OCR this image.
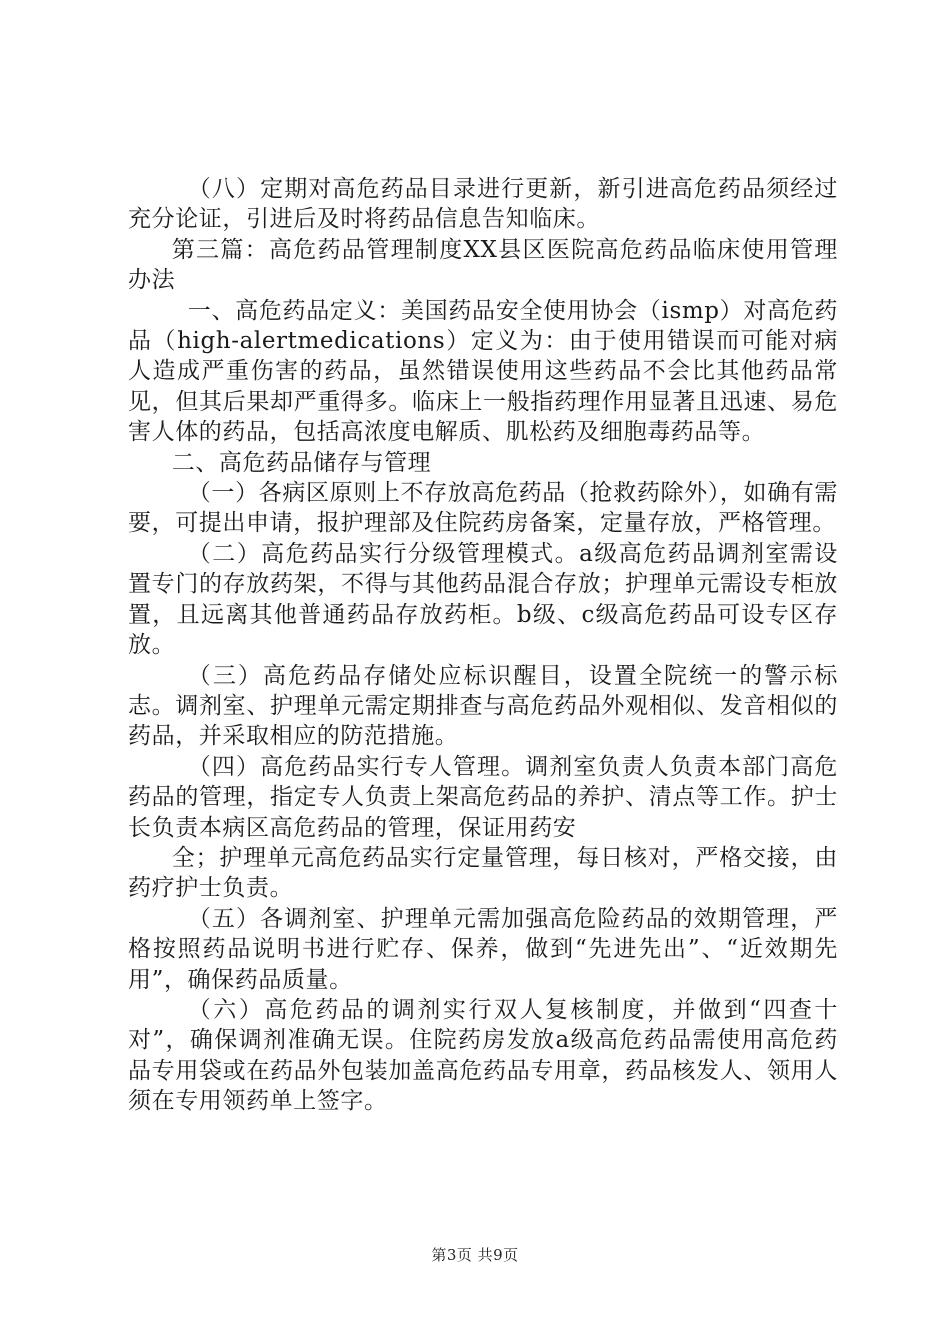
（八）定期对高危药品目录进行更新，新引进高危药品须经过充分论证，引进后及时将药品信息告知临床。

第三篇：高危药品管理制度XX县区医院高危药品临床使用管理办法

一、高危药品定义：美国药品安全使用协会（ismp）对高危药品（high-alertmedications）定义为：由于使用错误而可能对病人造成严重伤害的药品，虽然错误使用这些药品不会比其他药品常见，但其后果却严重得多。临床上一般指药理作用显著且迅速、易危害人体的药品，包括高浓度电解质、肌松药及细胞毒药品等。

二、高危药品储存与管理

（一）各病区原则上不存放高危药品（抢救药除外），如确有需要，可提出申请，报护理部及住院药房备案，定量存放，严格管理。

（二）高危药品实行分级管理模式。a级高危药品调剂室需设置专门的存放药架，不得与其他药品混合存放；护理单元需设专柜放置，且远离其他普通药品存放药柜。b级、c级高危药品可设专区存放。

（三）高危药品存储处应标识醒目，设置全院统一的警示标志。调剂室、护理单元需定期排查与高危药品外观相似、发音相似的药品，并采取相应的防范措施。

（四）高危药品实行专人管理。调剂室负责人负责本部门高危药品的管理，指定专人负责上架高危药品的养护、清点等工作。护士长负责本病区高危药品的管理，保证用药安

全；护理单元高危药品实行定量管理，每日核对，严格交接，由药疗护士负责。

（五）各调剂室、护理单元需加强高危险药品的效期管理，严格按照药品说明书进行贮存、保养，做到“先进先出”、“近效期先用”，确保药品质量。

（六）高危药品的调剂实行双人复核制度，并做到“四查十对”，确保调剂准确无误。住院药房发放a级高危药品需使用高危药品专用袋或在药品外包装加盖高危药品专用章，药品核发人、领用人须在专用领药单上签字。

第3页 共9页
